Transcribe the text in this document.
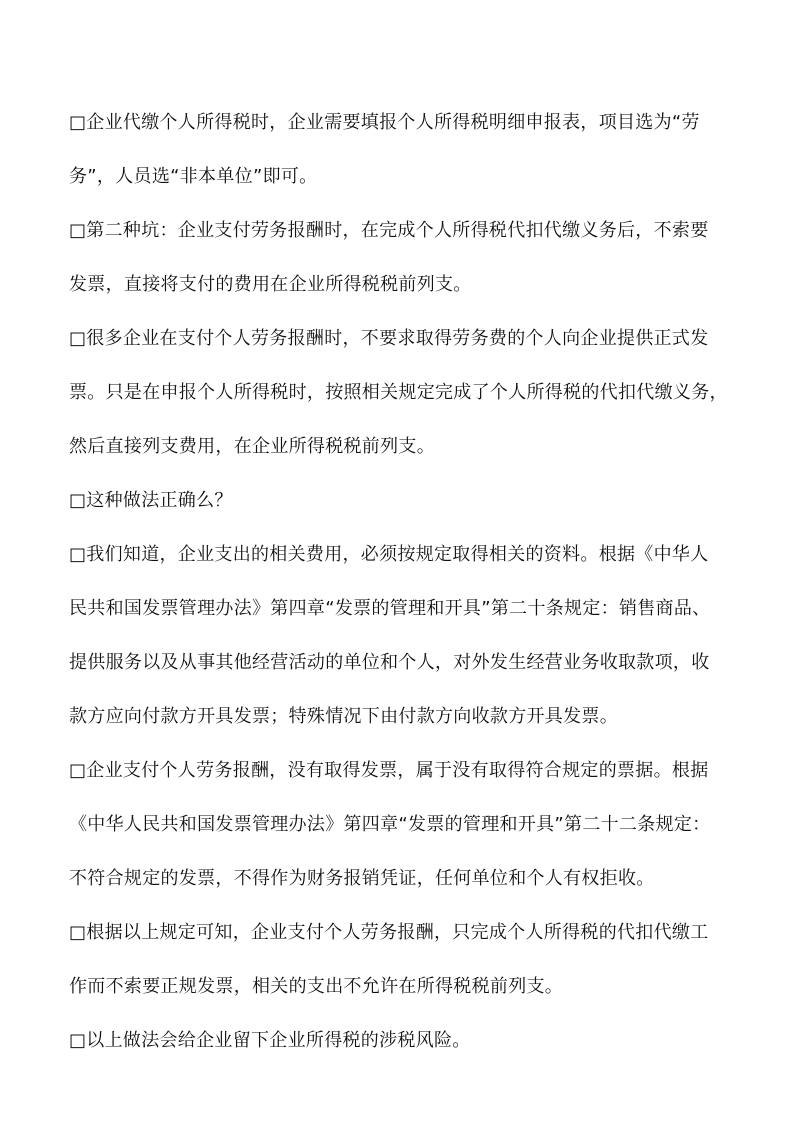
□企业代缴个人所得税时，企业需要填报个人所得税明细申报表，项目选为“劳
务”，人员选“非本单位”即可。
□第二种坑：企业支付劳务报酬时，在完成个人所得税代扣代缴义务后，不索要
发票，直接将支付的费用在企业所得税税前列支。
□很多企业在支付个人劳务报酬时，不要求取得劳务费的个人向企业提供正式发
票。只是在申报个人所得税时，按照相关规定完成了个人所得税的代扣代缴义务，
然后直接列支费用，在企业所得税税前列支。
□这种做法正确么？
□我们知道，企业支出的相关费用，必须按规定取得相关的资料。根据《中华人
民共和国发票管理办法》第四章“发票的管理和开具”第二十条规定：销售商品、
提供服务以及从事其他经营活动的单位和个人，对外发生经营业务收取款项，收
款方应向付款方开具发票；特殊情况下由付款方向收款方开具发票。
□企业支付个人劳务报酬，没有取得发票，属于没有取得符合规定的票据。根据
《中华人民共和国发票管理办法》第四章“发票的管理和开具”第二十二条规定：
不符合规定的发票，不得作为财务报销凭证，任何单位和个人有权拒收。
□根据以上规定可知，企业支付个人劳务报酬，只完成个人所得税的代扣代缴工
作而不索要正规发票，相关的支出不允许在所得税税前列支。
□以上做法会给企业留下企业所得税的涉税风险。
